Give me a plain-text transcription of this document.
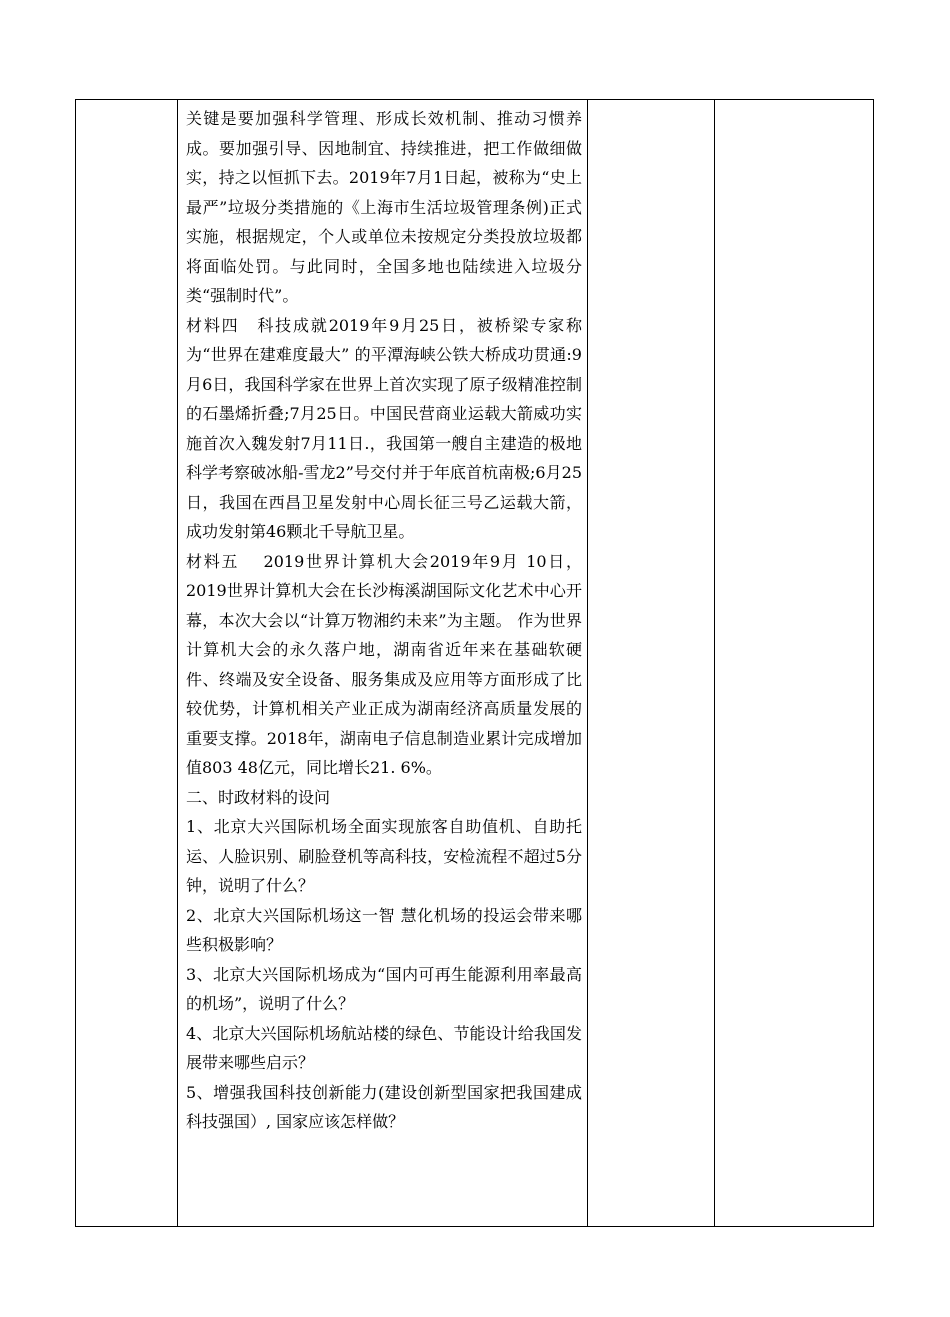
关键是要加强科学管理、形成长效机制、推动习惯养成。要加强引导、因地制宜、持续推进，把工作做细做实，持之以恒抓下去。2019年7月1日起，被称为“史上最严”垃圾分类措施的《上海市生活垃圾管理条例)正式实施，根据规定，个人或单位未按规定分类投放垃圾都将面临处罚。与此同时，全国多地也陆续进入垃圾分类“强制时代”。

材料四　科技成就2019年9月25日，被桥梁专家称为“世界在建难度最大” 的平潭海峡公铁大桥成功贯通:9月6日，我国科学家在世界上首次实现了原子级精准控制的石墨烯折叠;7月25日。中国民营商业运载大箭威功实施首次入魏发射7月11日.，我国第一艘自主建造的极地科学考察破冰船-雪龙2”号交付并于年底首杭南极;6月25日，我国在西昌卫星发射中心周长征三号乙运载大箭，成功发射第46颗北千导航卫星。

材料五　 2019世界计算机大会2019年9月 10日，2019世界计算机大会在长沙梅溪湖国际文化艺术中心开幕，本次大会以“计算万物湘约未来”为主题。 作为世界计算机大会的永久落户地，湖南省近年来在基础软硬件、终端及安全设备、服务集成及应用等方面形成了比较优势，计算机相关产业正成为湖南经济高质量发展的重要支撑。2018年，湖南电子信息制造业累计完成增加值803 48亿元，同比增长21. 6%。

二、时政材料的设问

1、北京大兴国际机场全面实现旅客自助值机、自助托运、人脸识别、刷脸登机等高科技，安检流程不超过5分钟，说明了什么？

2、北京大兴国际机场这一智 慧化机场的投运会带来哪些积极影响？

3、北京大兴国际机场成为“国内可再生能源利用率最高的机场”，说明了什么？

4、北京大兴国际机场航站楼的绿色、节能设计给我国发展带来哪些启示？

5、增强我国科技创新能力(建设创新型国家把我国建成科技强国）, 国家应该怎样做？
